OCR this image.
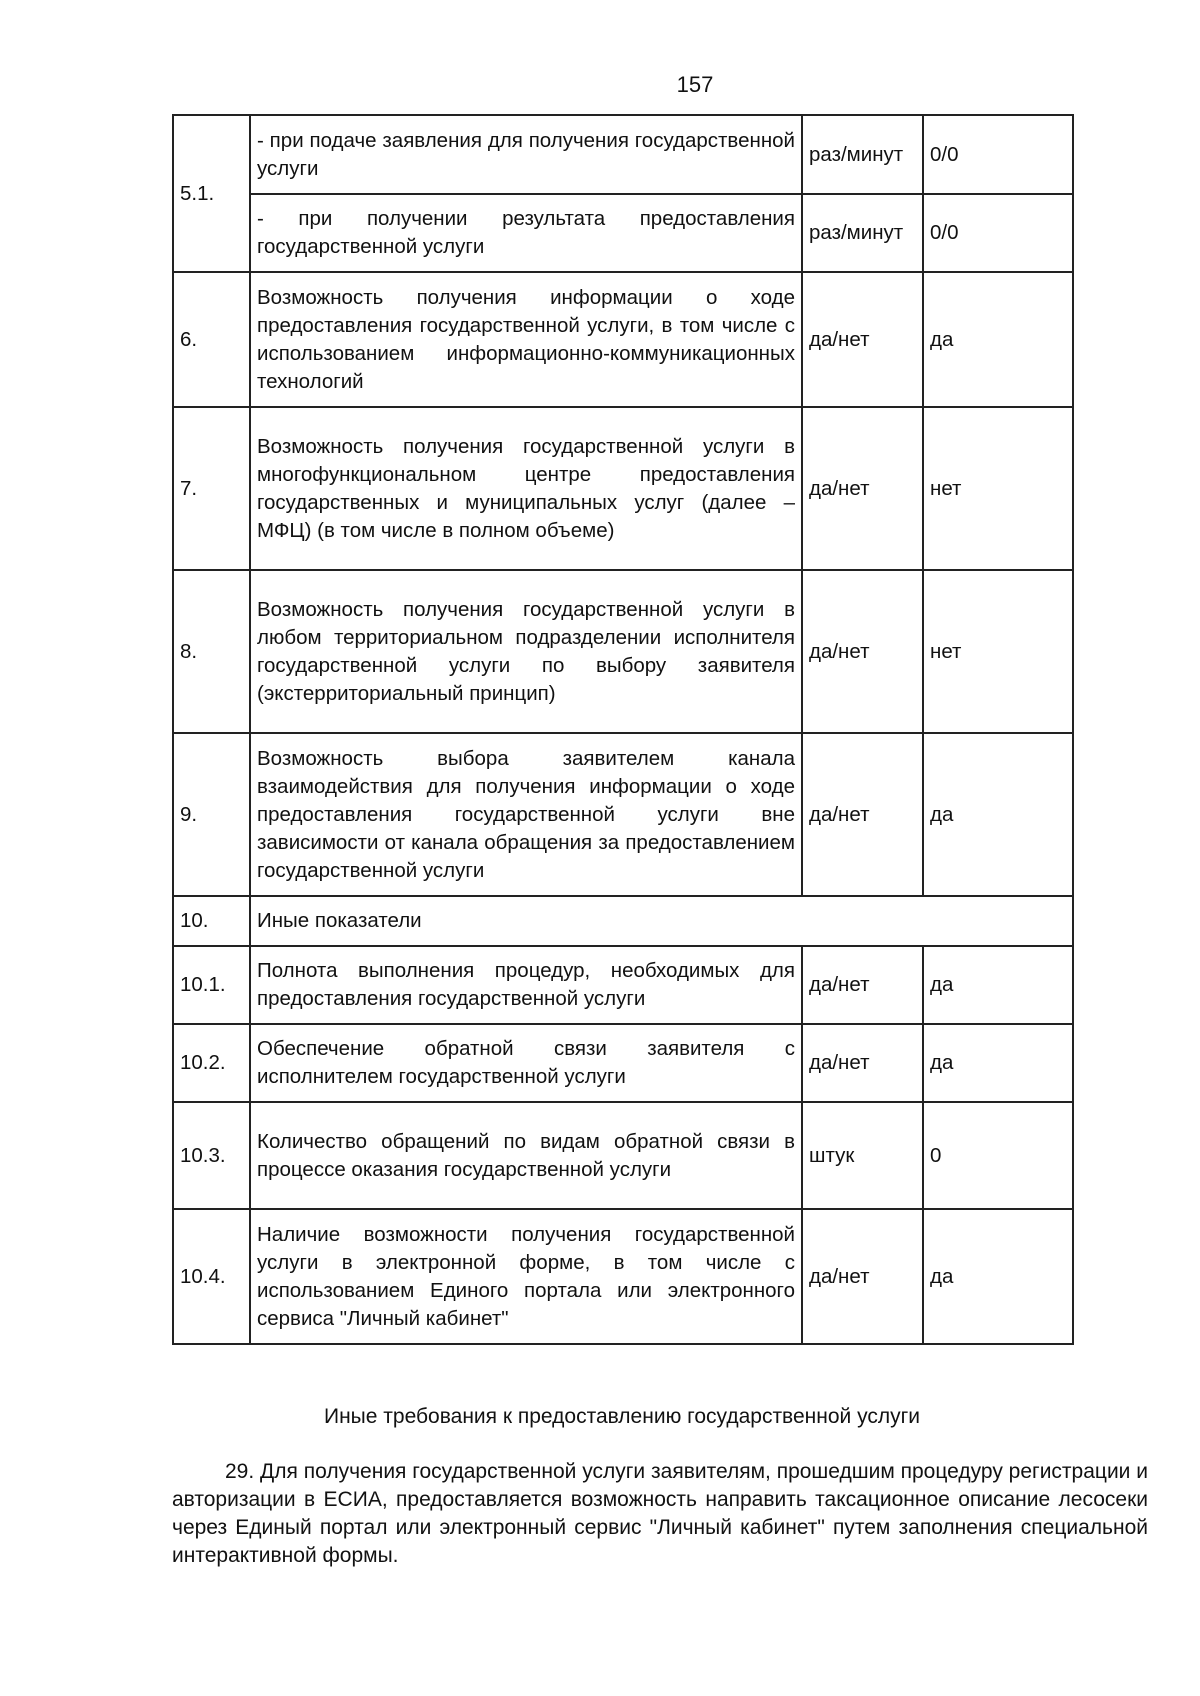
157
5.1.	- при подаче заявления для получения государственной услуги	раз/минут	0/0
	- при получении результата предоставления государственной услуги	раз/минут	0/0
6.	Возможность получения информации о ходе предоставления государственной услуги, в том числе с использованием информационно-коммуникационных технологий	да/нет	да
7.	Возможность получения государственной услуги в многофункциональном центре предоставления государственных и муниципальных услуг (далее – МФЦ) (в том числе в полном объеме)	да/нет	нет
8.	Возможность получения государственной услуги в любом территориальном подразделении исполнителя государственной услуги по выбору заявителя (экстерриториальный принцип)	да/нет	нет
9.	Возможность выбора заявителем канала взаимодействия для получения информации о ходе предоставления государственной услуги вне зависимости от канала обращения за предоставлением государственной услуги	да/нет	да
10.	Иные показатели		
10.1.	Полнота выполнения процедур, необходимых для предоставления государственной услуги	да/нет	да
10.2.	Обеспечение обратной связи заявителя с исполнителем государственной услуги	да/нет	да
10.3.	Количество обращений по видам обратной связи в процессе оказания государственной услуги	штук	0
10.4.	Наличие возможности получения государственной услуги в электронной форме, в том числе с использованием Единого портала или электронного сервиса "Личный кабинет"	да/нет	да
Иные требования к предоставлению государственной услуги

29. Для получения государственной услуги заявителям, прошедшим процедуру регистрации и авторизации в ЕСИА, предоставляется возможность направить таксационное описание лесосеки через Единый портал или электронный сервис "Личный кабинет" путем заполнения специальной интерактивной формы.
